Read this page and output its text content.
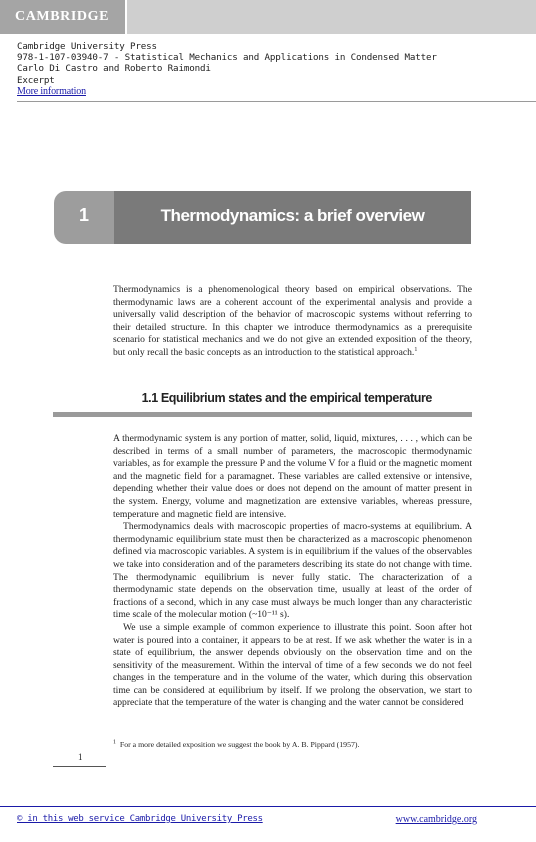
CAMBRIDGE
Cambridge University Press
978-1-107-03940-7 - Statistical Mechanics and Applications in Condensed Matter
Carlo Di Castro and Roberto Raimondi
Excerpt
More information
1	Thermodynamics: a brief overview

Thermodynamics is a phenomenological theory based on empirical observations. The thermodynamic laws are a coherent account of the experimental analysis and provide a universally valid description of the behavior of macroscopic systems without referring to their detailed structure. In this chapter we introduce thermodynamics as a prerequisite scenario for statistical mechanics and we do not give an extended exposition of the theory, but only recall the basic concepts as an introduction to the statistical approach.$^1$

1.1 Equilibrium states and the empirical temperature

A thermodynamic system is any portion of matter, solid, liquid, mixtures, . . . , which can be described in terms of a small number of parameters, the macroscopic thermodynamic variables, as for example the pressure P and the volume V for a fluid or the magnetic moment and the magnetic field for a paramagnet. These variables are called extensive or intensive, depending whether their value does or does not depend on the amount of matter present in the system. Energy, volume and magnetization are extensive variables, whereas pressure, temperature and magnetic field are intensive.

Thermodynamics deals with macroscopic properties of macro-systems at equilibrium. A thermodynamic equilibrium state must then be characterized as a macroscopic phenomenon defined via macroscopic variables. A system is in equilibrium if the values of the observables we take into consideration and of the parameters describing its state do not change with time. The thermodynamic equilibrium is never fully static. The characterization of a thermodynamic state depends on the observation time, usually at least of the order of fractions of a second, which in any case must always be much longer than any characteristic time scale of the molecular motion (~10⁻¹¹ s).

We use a simple example of common experience to illustrate this point. Soon after hot water is poured into a container, it appears to be at rest. If we ask whether the water is in a state of equilibrium, the answer depends obviously on the observation time and on the sensitivity of the measurement. Within the interval of time of a few seconds we do not feel changes in the temperature and in the volume of the water, which during this observation time can be considered at equilibrium by itself. If we prolong the observation, we start to appreciate that the temperature of the water is changing and the water cannot be considered

$^1$ For a more detailed exposition we suggest the book by A. B. Pippard (1957).
1
© in this web service Cambridge University Press	www.cambridge.org
